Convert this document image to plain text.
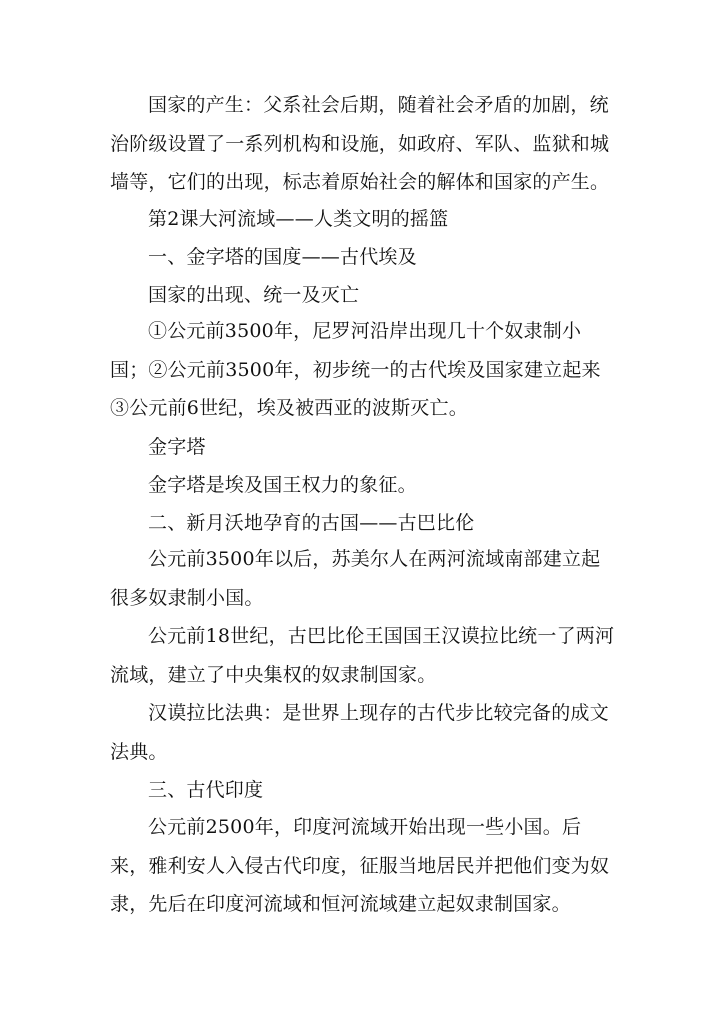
国家的产生：父系社会后期，随着社会矛盾的加剧，统治阶级设置了一系列机构和设施，如政府、军队、监狱和城墙等，它们的出现，标志着原始社会的解体和国家的产生。

第2课大河流域——人类文明的摇篮

一、金字塔的国度——古代埃及

国家的出现、统一及灭亡

①公元前3500年，尼罗河沿岸出现几十个奴隶制小国；②公元前3500年，初步统一的古代埃及国家建立起来 ③公元前6世纪，埃及被西亚的波斯灭亡。

金字塔

金字塔是埃及国王权力的象征。

二、新月沃地孕育的古国——古巴比伦

公元前3500年以后，苏美尔人在两河流域南部建立起很多奴隶制小国。

公元前18世纪，古巴比伦王国国王汉谟拉比统一了两河流域，建立了中央集权的奴隶制国家。

汉谟拉比法典：是世界上现存的古代步比较完备的成文法典。

三、古代印度

公元前2500年，印度河流域开始出现一些小国。后来，雅利安人入侵古代印度，征服当地居民并把他们变为奴隶，先后在印度河流域和恒河流域建立起奴隶制国家。
